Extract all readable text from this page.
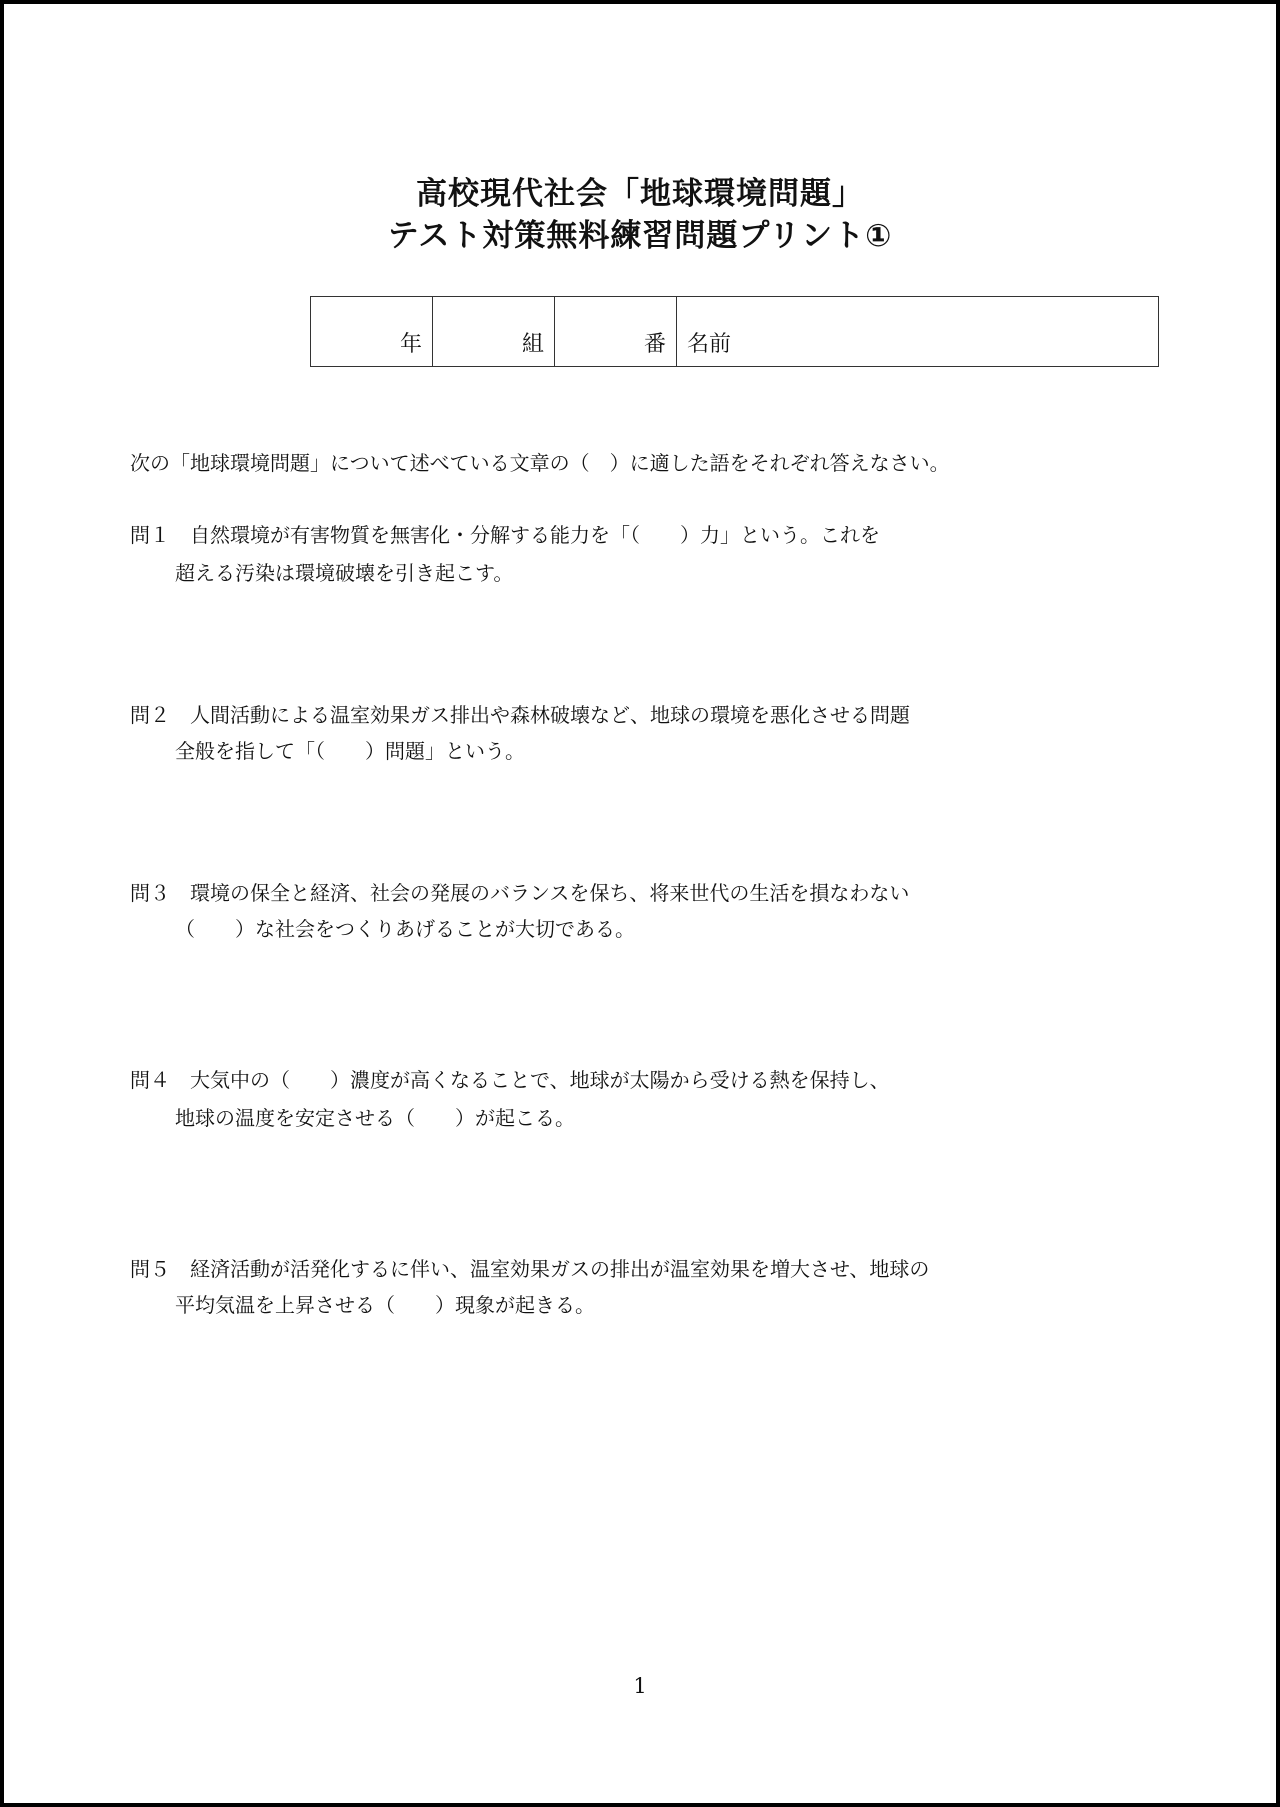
高校現代社会「地球環境問題」
テスト対策無料練習問題プリント①
年	組	番	名前
次の「地球環境問題」について述べている文章の（　）に適した語をそれぞれ答えなさい。
問１ 自然環境が有害物質を無害化・分解する能力を「（　　）力」という。これを
超える汚染は環境破壊を引き起こす。
問２ 人間活動による温室効果ガス排出や森林破壊など、地球の環境を悪化させる問題
全般を指して「（　　）問題」という。
問３ 環境の保全と経済、社会の発展のバランスを保ち、将来世代の生活を損なわない
（　　）な社会をつくりあげることが大切である。
問４ 大気中の（　　）濃度が高くなることで、地球が太陽から受ける熱を保持し、
地球の温度を安定させる（　　）が起こる。
問５ 経済活動が活発化するに伴い、温室効果ガスの排出が温室効果を増大させ、地球の
平均気温を上昇させる（　　）現象が起きる。
1
